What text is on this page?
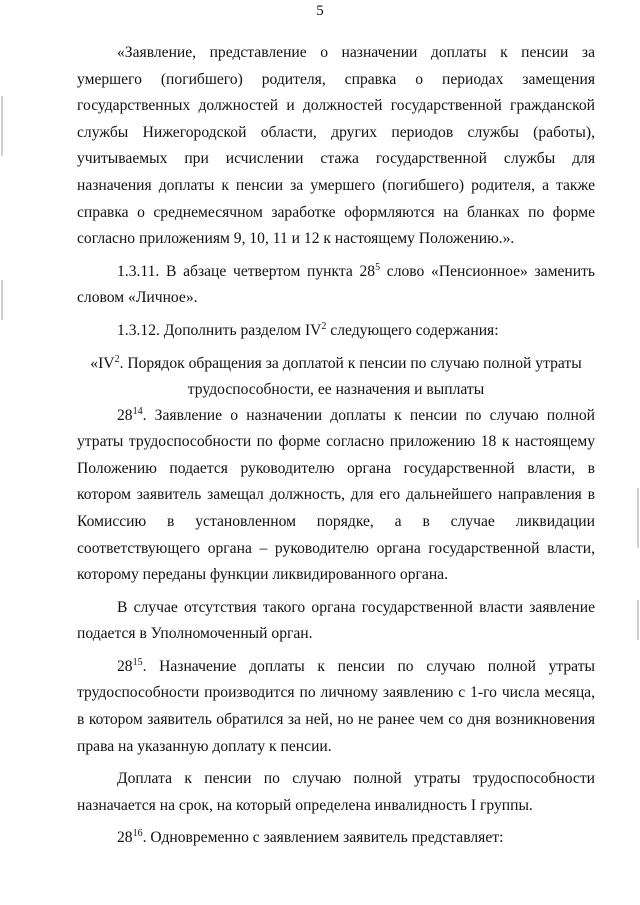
5

«Заявление, представление о назначении доплаты к пенсии за умершего (погибшего) родителя, справка о периодах замещения государственных должностей и должностей государственной гражданской службы Нижегородской области, других периодов службы (работы), учитываемых при исчислении стажа государственной службы для назначения доплаты к пенсии за умершего (погибшего) родителя, а также справка о среднемесячном заработке оформляются на бланках по форме согласно приложениям 9, 10, 11 и 12 к настоящему Положению.».

1.3.11. В абзаце четвертом пункта $28^5$ слово «Пенсионное» заменить словом «Личное».

1.3.12. Дополнить разделом $IV^2$ следующего содержания:

«$IV^2$. Порядок обращения за доплатой к пенсии по случаю полной утраты трудоспособности, ее назначения и выплаты

$28^{14}$. Заявление о назначении доплаты к пенсии по случаю полной утраты трудоспособности по форме согласно приложению 18 к настоящему Положению подается руководителю органа государственной власти, в котором заявитель замещал должность, для его дальнейшего направления в Комиссию в установленном порядке, а в случае ликвидации соответствующего органа – руководителю органа государственной власти, которому переданы функции ликвидированного органа.

В случае отсутствия такого органа государственной власти заявление подается в Уполномоченный орган.

$28^{15}$. Назначение доплаты к пенсии по случаю полной утраты трудоспособности производится по личному заявлению с 1-го числа месяца, в котором заявитель обратился за ней, но не ранее чем со дня возникновения права на указанную доплату к пенсии.

Доплата к пенсии по случаю полной утраты трудоспособности назначается на срок, на который определена инвалидность I группы.

$28^{16}$. Одновременно с заявлением заявитель представляет:
